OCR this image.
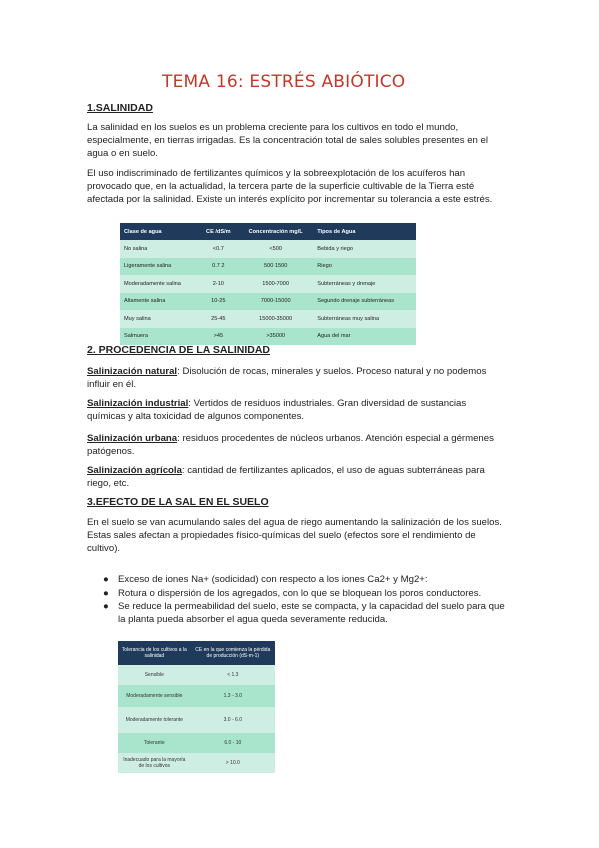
TEMA 16: ESTRÉS ABIÓTICO
1.SALINIDAD
La salinidad en los suelos es un problema creciente para los cultivos en todo el mundo, especialmente, en tierras irrigadas. Es la concentración total de sales solubles presentes en el agua o en suelo.
El uso indiscriminado de fertilizantes químicos y la sobreexplotación de los acuíferos han provocado que, en la actualidad, la tercera parte de la superficie cultivable de la Tierra esté afectada por la salinidad. Existe un interés explícito por incrementar su tolerancia a este estrés.
Clase de agua	CE /dS/m	Concentración mg/L	Tipos de Agua
No salina	<0.7	<500	Bebida y riego
Ligeramente salina	0.7 2	500 1500	Riego
Moderadamente salina	2-10	1500-7000	Subterráneas y drenaje
Altamente salina	10-25	7000-15000	Segundo drenaje subterráneas
Muy salina	25-45	15000-35000	Subterráneas muy salina
Salmuera	>45	>35000	Agua del mar
2. PROCEDENCIA DE LA SALINIDAD
Salinización natural: Disolución de rocas, minerales y suelos. Proceso natural y no podemos influir en él.
Salinización industrial: Vertidos de residuos industriales. Gran diversidad de sustancias químicas y alta toxicidad de algunos componentes.
Salinización urbana: residuos procedentes de núcleos urbanos. Atención especial a gérmenes patógenos.
Salinización agrícola: cantidad de fertilizantes aplicados, el uso de aguas subterráneas para riego, etc.
3.EFECTO DE LA SAL EN EL SUELO
En el suelo se van acumulando sales del agua de riego aumentando la salinización de los suelos. Estas sales afectan a propiedades físico-químicas del suelo (efectos sore el rendimiento de cultivo).
● Exceso de iones Na+ (sodicidad) con respecto a los iones Ca2+ y Mg2+:
● Rotura o dispersión de los agregados, con lo que se bloquean los poros conductores.
● Se reduce la permeabilidad del suelo, este se compacta, y la capacidad del suelo para que la planta pueda absorber el agua queda severamente reducida.
Tolerancia de los cultivos a la salinidad	CE en la que comienza la pérdida de producción (dS·m-1)
Sensible	< 1.3
Moderadamente sensible	1.3 - 3.0
Moderadamente tolerante	3.0 - 6.0
Tolerante	6.0 - 10
Inadecuado para la mayoría de los cultivos	> 10.0
